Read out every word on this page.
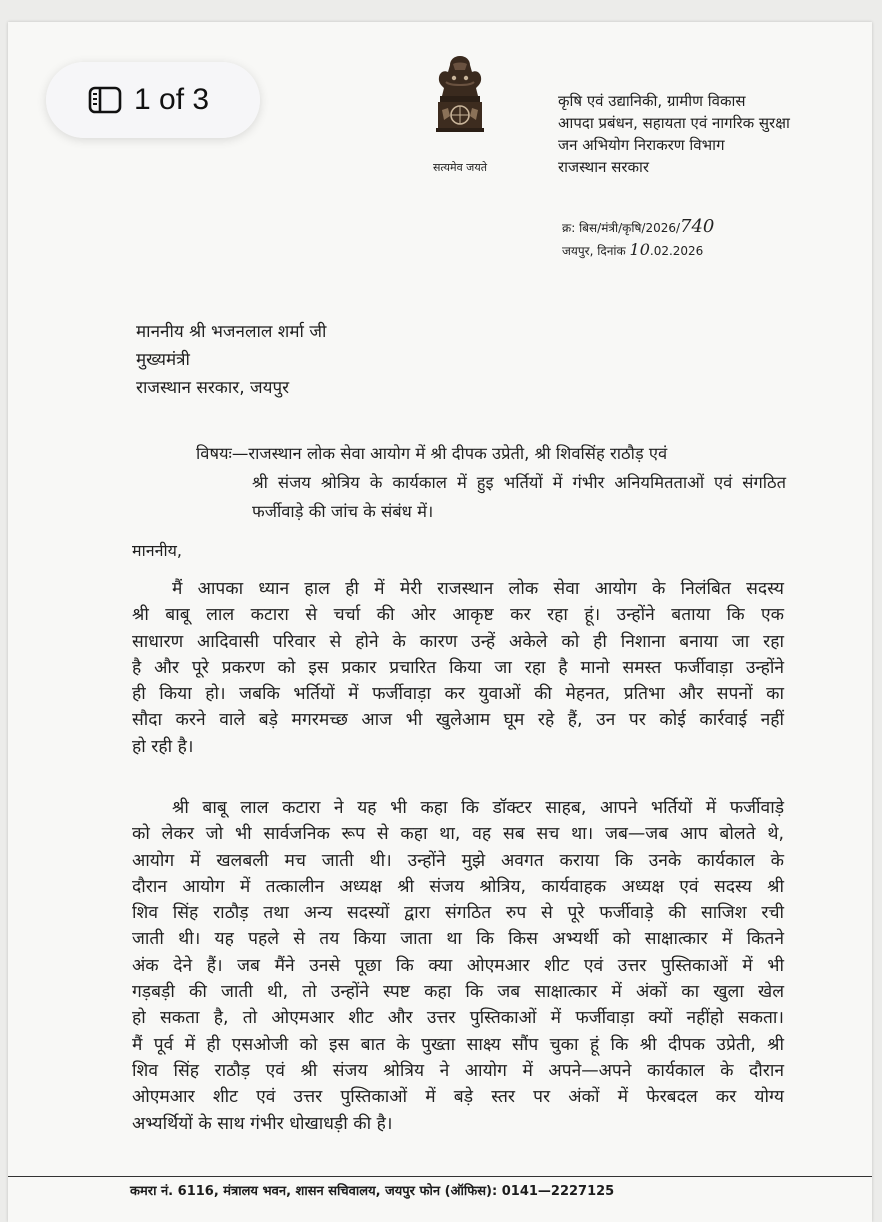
1 of 3
सत्यमेव जयते
कृषि एवं उद्यानिकी, ग्रामीण विकास
आपदा प्रबंधन, सहायता एवं नागरिक सुरक्षा
जन अभियोग निराकरण विभाग
राजस्थान सरकार
क्र: बिस/मंत्री/कृषि/2026/740
जयपुर, दिनांक 10.02.2026
माननीय श्री भजनलाल शर्मा जी
मुख्यमंत्री
राजस्थान सरकार, जयपुर
विषयः—राजस्थान लोक सेवा आयोग में श्री दीपक उप्रेती, श्री शिवसिंह राठौड़ एवं
श्री संजय श्रोत्रिय के कार्यकाल में हुइ भर्तियों में गंभीर अनियमितताओं एवं संगठित फर्जीवाड़े की जांच के संबंध में।
माननीय,
मैं आपका ध्यान हाल ही में मेरी राजस्थान लोक सेवा आयोग के निलंबित सदस्य
श्री बाबू लाल कटारा से चर्चा की ओर आकृष्ट कर रहा हूं। उन्होंने बताया कि एक
साधारण आदिवासी परिवार से होने के कारण उन्हें अकेले को ही निशाना बनाया जा रहा
है और पूरे प्रकरण को इस प्रकार प्रचारित किया जा रहा है मानो समस्त फर्जीवाड़ा उन्होंने
ही किया हो। जबकि भर्तियों में फर्जीवाड़ा कर युवाओं की मेहनत, प्रतिभा और सपनों का
सौदा करने वाले बड़े मगरमच्छ आज भी खुलेआम घूम रहे हैं, उन पर कोई कार्रवाई नहीं
हो रही है।
श्री बाबू लाल कटारा ने यह भी कहा कि डॉक्टर साहब, आपने भर्तियों में फर्जीवाड़े
को लेकर जो भी सार्वजनिक रूप से कहा था, वह सब सच था। जब—जब आप बोलते थे,
आयोग में खलबली मच जाती थी। उन्होंने मुझे अवगत कराया कि उनके कार्यकाल के
दौरान आयोग में तत्कालीन अध्यक्ष श्री संजय श्रोत्रिय, कार्यवाहक अध्यक्ष एवं सदस्य श्री
शिव सिंह राठौड़ तथा अन्य सदस्यों द्वारा संगठित रुप से पूरे फर्जीवाड़े की साजिश रची
जाती थी। यह पहले से तय किया जाता था कि किस अभ्यर्थी को साक्षात्कार में कितने
अंक देने हैं। जब मैंने उनसे पूछा कि क्या ओएमआर शीट एवं उत्तर पुस्तिकाओं में भी
गड़बड़ी की जाती थी, तो उन्होंने स्पष्ट कहा कि जब साक्षात्कार में अंकों का खुला खेल
हो सकता है, तो ओएमआर शीट और उत्तर पुस्तिकाओं में फर्जीवाड़ा क्यों नहींहो सकता।
मैं पूर्व में ही एसओजी को इस बात के पुख्ता साक्ष्य सौंप चुका हूं कि श्री दीपक उप्रेती, श्री
शिव सिंह राठौड़ एवं श्री संजय श्रोत्रिय ने आयोग में अपने—अपने कार्यकाल के दौरान
ओएमआर शीट एवं उत्तर पुस्तिकाओं में बड़े स्तर पर अंकों में फेरबदल कर योग्य
अभ्यर्थियों के साथ गंभीर धोखाधड़ी की है।
कमरा नं. 6116, मंत्रालय भवन, शासन सचिवालय, जयपुर फोन (ऑफिस): 0141—2227125
